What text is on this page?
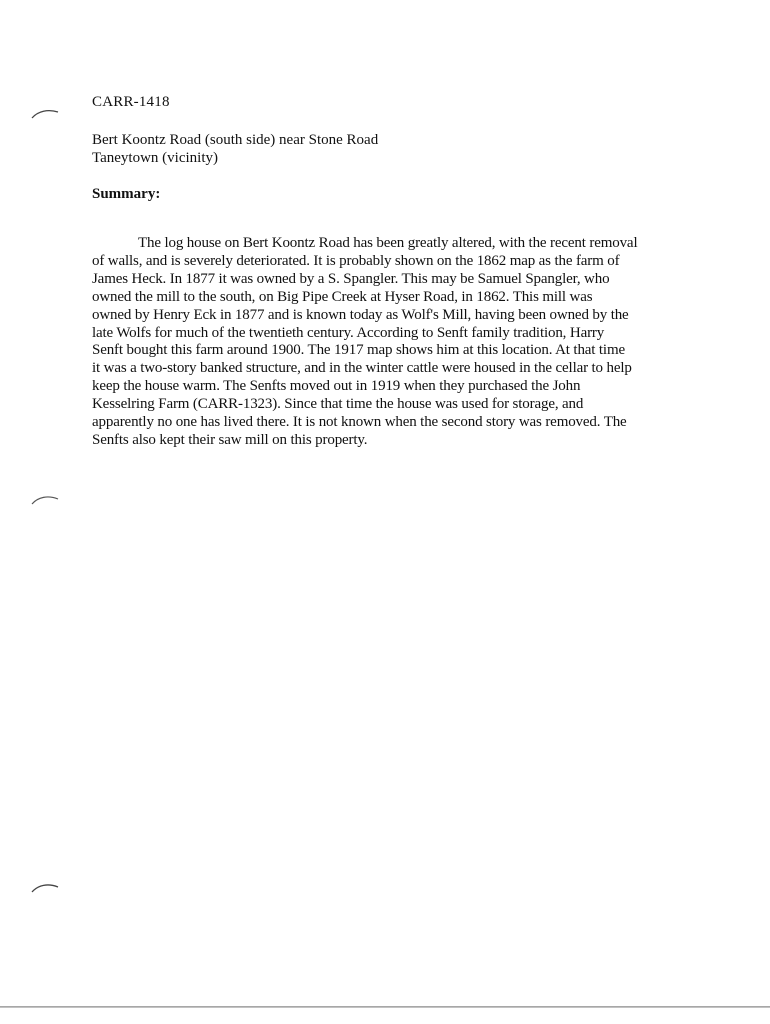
CARR-1418
Bert Koontz Road (south side) near Stone Road
Taneytown (vicinity)
Summary:
The log house on Bert Koontz Road has been greatly altered, with the recent removal
of walls, and is severely deteriorated. It is probably shown on the 1862 map as the farm of
James Heck. In 1877 it was owned by a S. Spangler. This may be Samuel Spangler, who
owned the mill to the south, on Big Pipe Creek at Hyser Road, in 1862. This mill was
owned by Henry Eck in 1877 and is known today as Wolf's Mill, having been owned by the
late Wolfs for much of the twentieth century. According to Senft family tradition, Harry
Senft bought this farm around 1900. The 1917 map shows him at this location. At that time
it was a two-story banked structure, and in the winter cattle were housed in the cellar to help
keep the house warm. The Senfts moved out in 1919 when they purchased the John
Kesselring Farm (CARR-1323). Since that time the house was used for storage, and
apparently no one has lived there. It is not known when the second story was removed. The
Senfts also kept their saw mill on this property.
